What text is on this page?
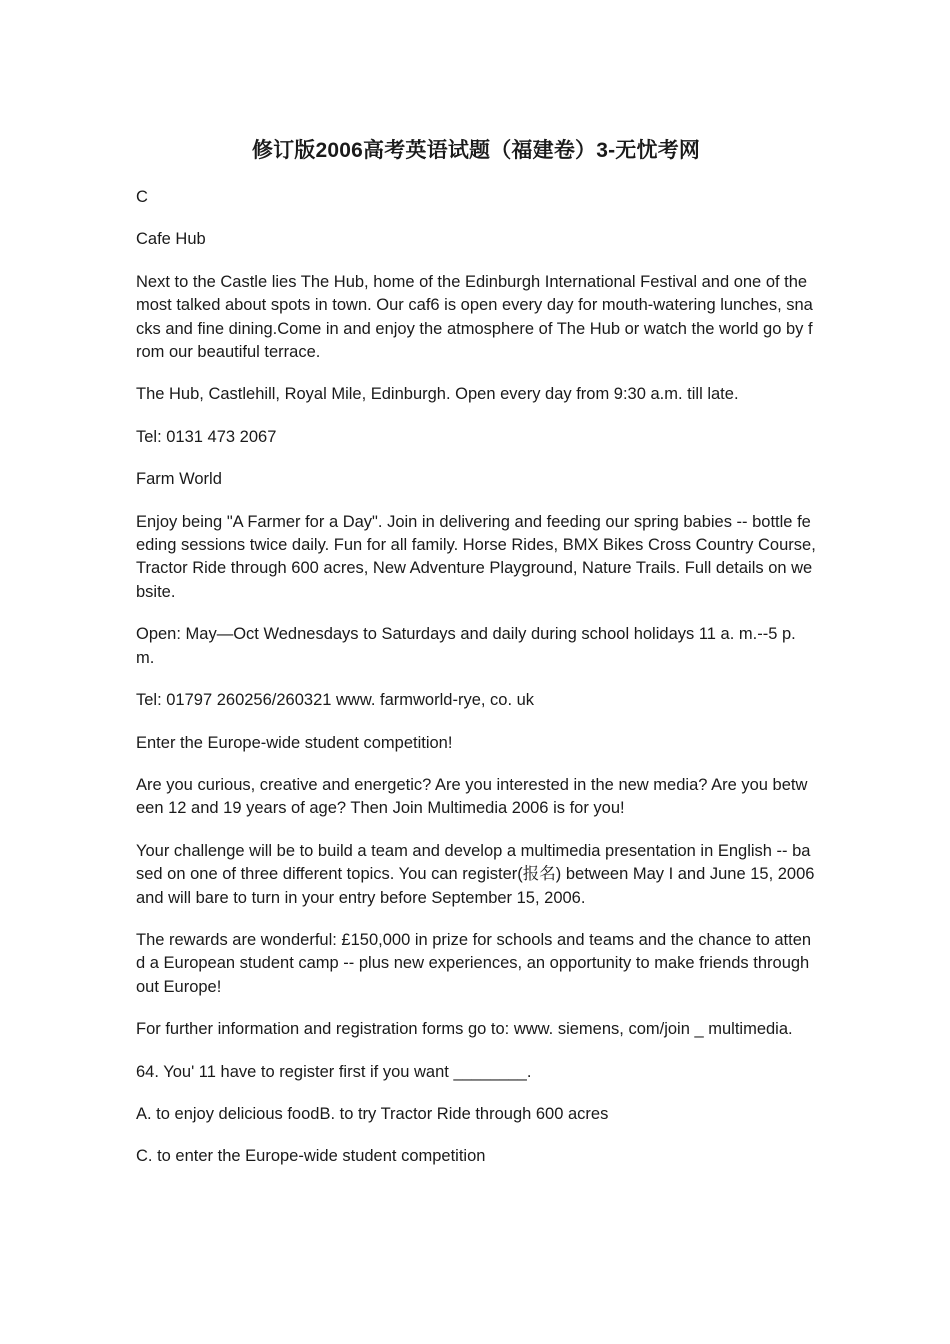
修订版2006高考英语试题（福建卷）3-无忧考网

C

Cafe Hub

Next to the Castle lies The Hub, home of the Edinburgh International Festival and one of the most talked about spots in town. Our caf6 is open every day for mouth-watering lunches, snacks and fine dining.Come in and enjoy the atmosphere of The Hub or watch the world go by from our beautiful terrace.

The Hub, Castlehill, Royal Mile, Edinburgh. Open every day from 9:30 a.m. till late.

Tel: 0131 473 2067

Farm World

Enjoy being "A Farmer for a Day". Join in delivering and feeding our spring babies -- bottle feeding sessions twice daily. Fun for all family. Horse Rides, BMX Bikes Cross Country Course, Tractor Ride through 600 acres, New Adventure Playground, Nature Trails. Full details on website.

Open: May—Oct Wednesdays to Saturdays and daily during school holidays 11 a. m.--5 p. m.

Tel: 01797 260256/260321 www. farmworld-rye, co. uk

Enter the Europe-wide student competition!

Are you curious, creative and energetic? Are you interested in the new media? Are you between 12 and 19 years of age? Then Join Multimedia 2006 is for you!

Your challenge will be to build a team and develop a multimedia presentation in English -- based on one of three different topics. You can register(报名) between May I and June 15, 2006 and will bare to turn in your entry before September 15, 2006.

The rewards are wonderful: £150,000 in prize for schools and teams and the chance to attend a European student camp -- plus new experiences, an opportunity to make friends throughout Europe!

For further information and registration forms go to: www. siemens, com/join _ multimedia.

64. You' 11 have to register first if you want ________.

A. to enjoy delicious foodB. to try Tractor Ride through 600 acres

C. to enter the Europe-wide student competition
